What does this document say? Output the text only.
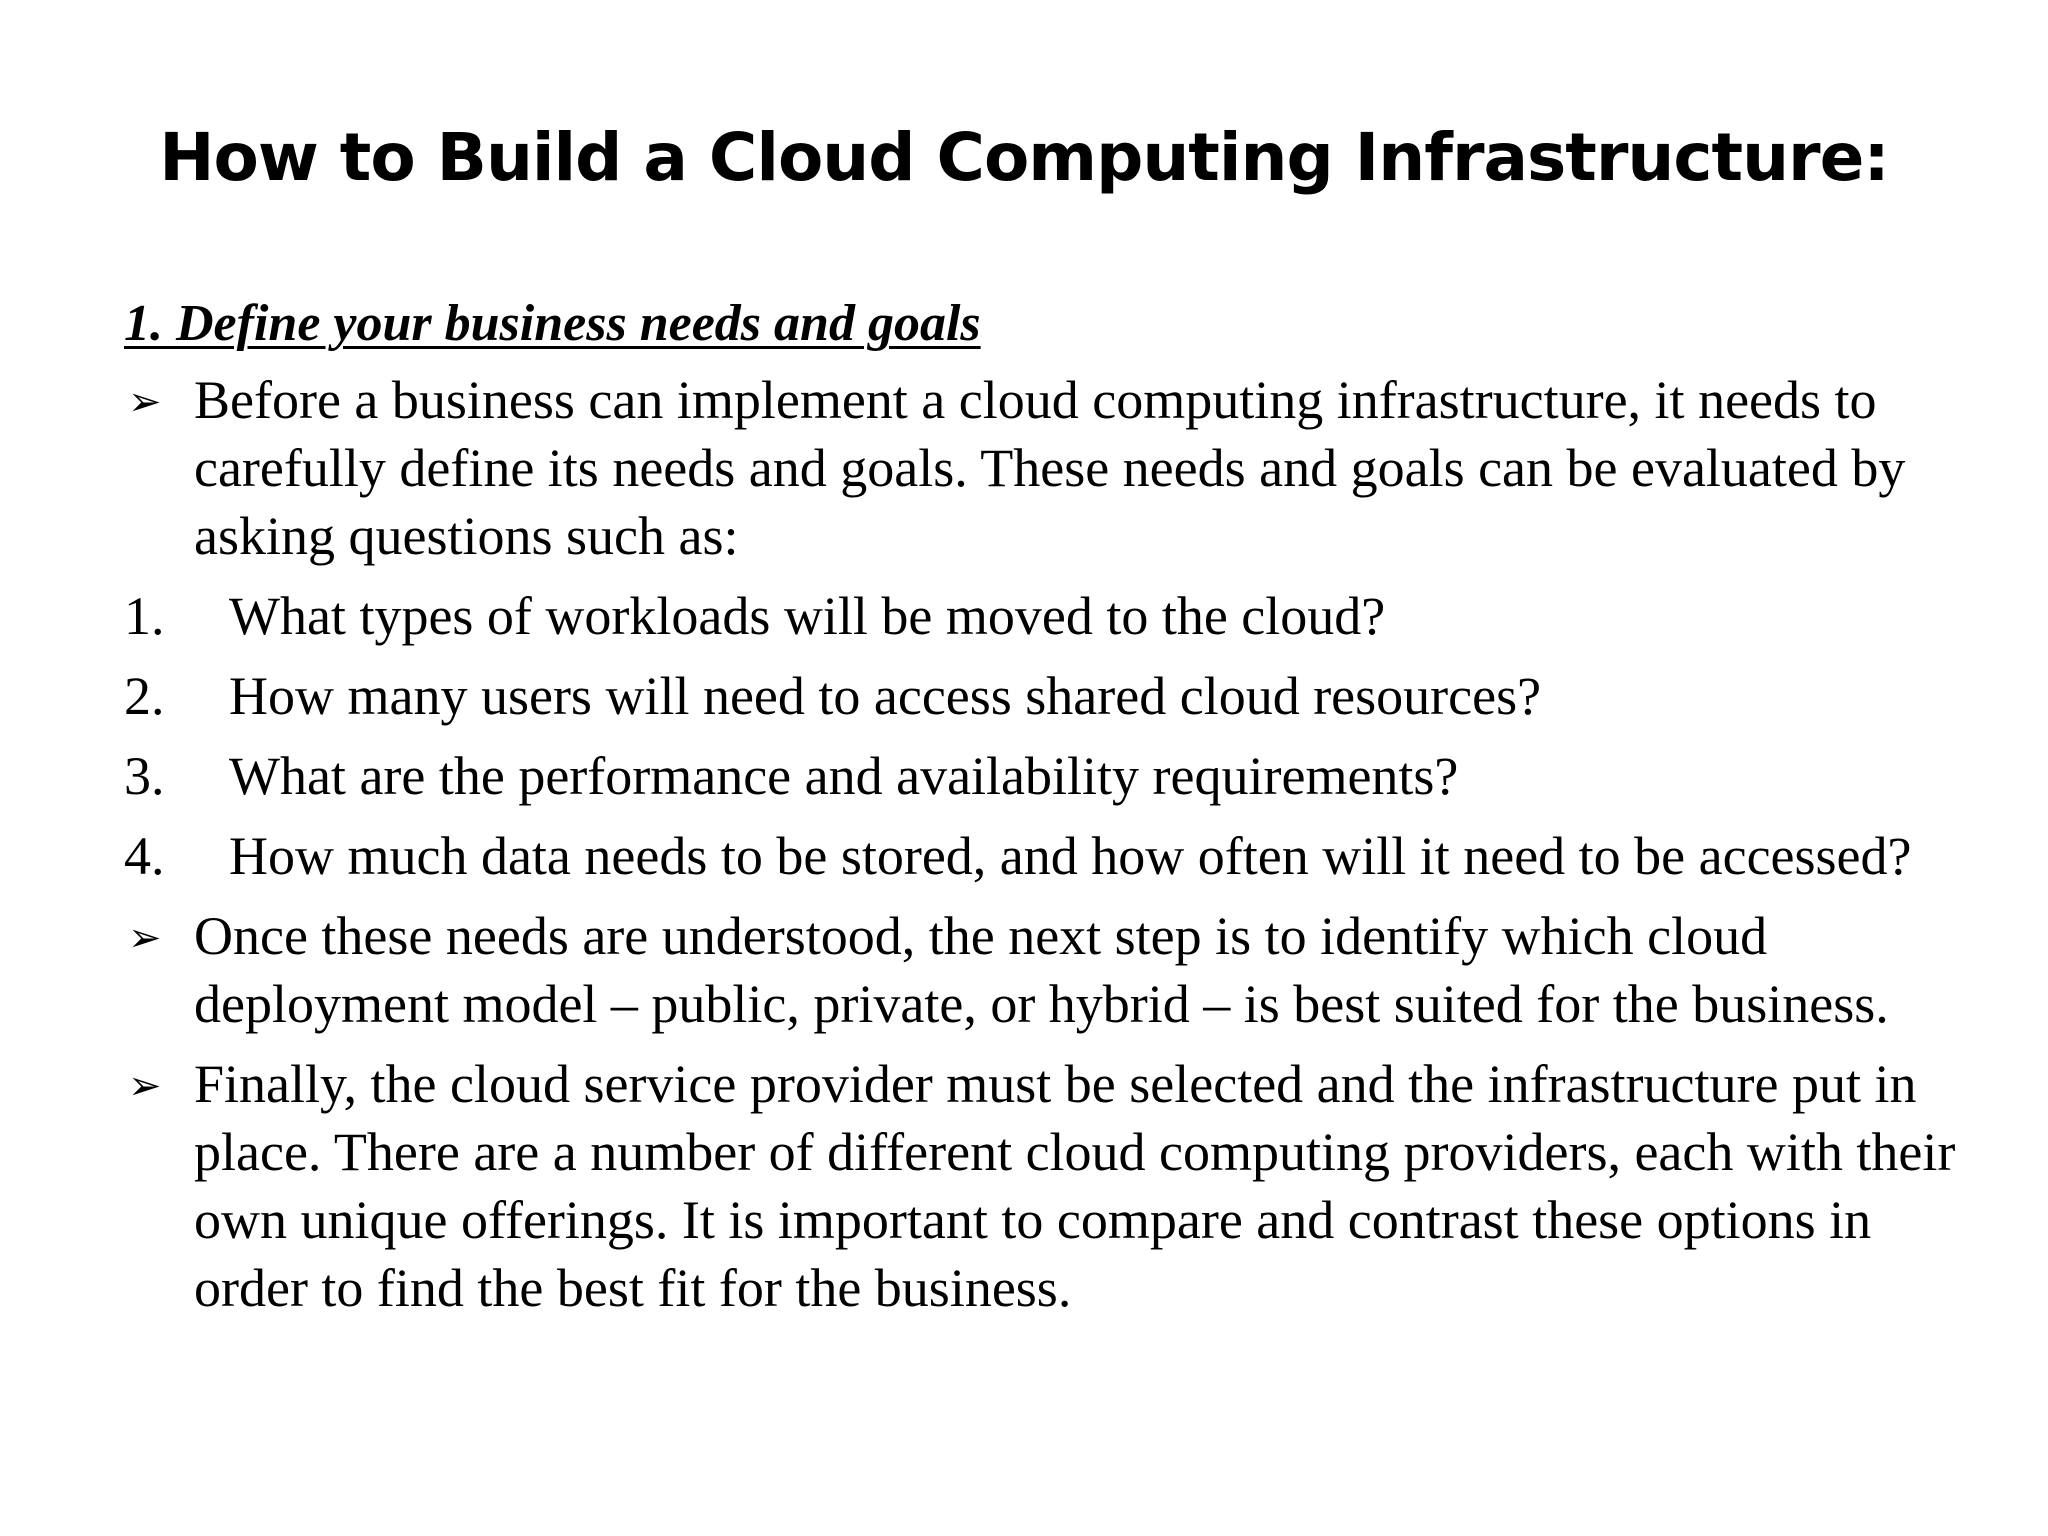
How to Build a Cloud Computing Infrastructure:
1. Define your business needs and goals
➢ Before a business can implement a cloud computing infrastructure, it needs to carefully define its needs and goals. These needs and goals can be evaluated by asking questions such as:
1. What types of workloads will be moved to the cloud?
2. How many users will need to access shared cloud resources?
3. What are the performance and availability requirements?
4. How much data needs to be stored, and how often will it need to be accessed?
➢ Once these needs are understood, the next step is to identify which cloud deployment model – public, private, or hybrid – is best suited for the business.
➢ Finally, the cloud service provider must be selected and the infrastructure put in place. There are a number of different cloud computing providers, each with their own unique offerings. It is important to compare and contrast these options in order to find the best fit for the business.
